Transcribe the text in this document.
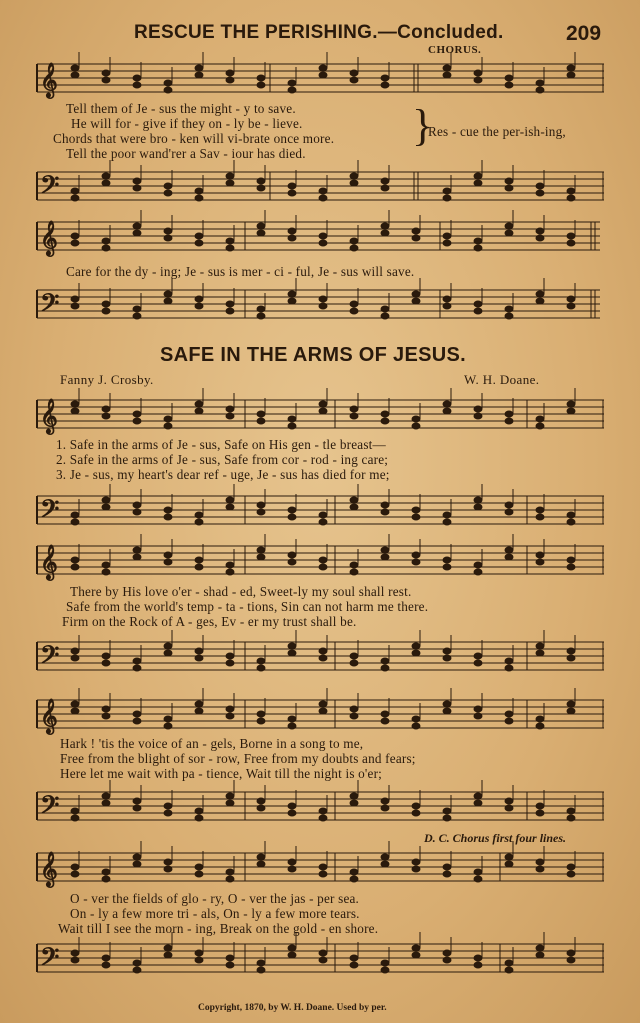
RESCUE THE PERISHING.—Concluded.	209
CHORUS.
𝄞
𝄢
𝄞
𝄢
𝄞
𝄢
𝄞
𝄢
𝄞
𝄢
𝄞
𝄢
Tell them of Je - sus the might - y to save.
He will for - give if they on - ly be - lieve.
Chords that were bro - ken will vi-brate once more.
Tell the poor wand'rer a Sav - iour has died.
}
Res - cue the per-ish-ing,
Care for the dy - ing; Je - sus is mer - ci - ful, Je - sus will save.
SAFE IN THE ARMS OF JESUS.
Fanny J. Crosby.	W. H. Doane.
1. Safe in the arms of Je - sus, Safe on His gen - tle breast—
2. Safe in the arms of Je - sus, Safe from cor - rod - ing care;
3. Je - sus, my heart's dear ref - uge, Je - sus has died for me;
There by His love o'er - shad - ed, Sweet-ly my soul shall rest.
Safe from the world's temp - ta - tions, Sin can not harm me there.
Firm on the Rock of A - ges, Ev - er my trust shall be.
Hark ! 'tis the voice of an - gels, Borne in a song to me,
Free from the blight of sor - row, Free from my doubts and fears;
Here let me wait with pa - tience, Wait till the night is o'er;
D. C. Chorus first four lines.
O - ver the fields of glo - ry, O - ver the jas - per sea.
On - ly a few more tri - als, On - ly a few more tears.
Wait till I see the morn - ing, Break on the gold - en shore.
Copyright, 1870, by W. H. Doane. Used by per.
